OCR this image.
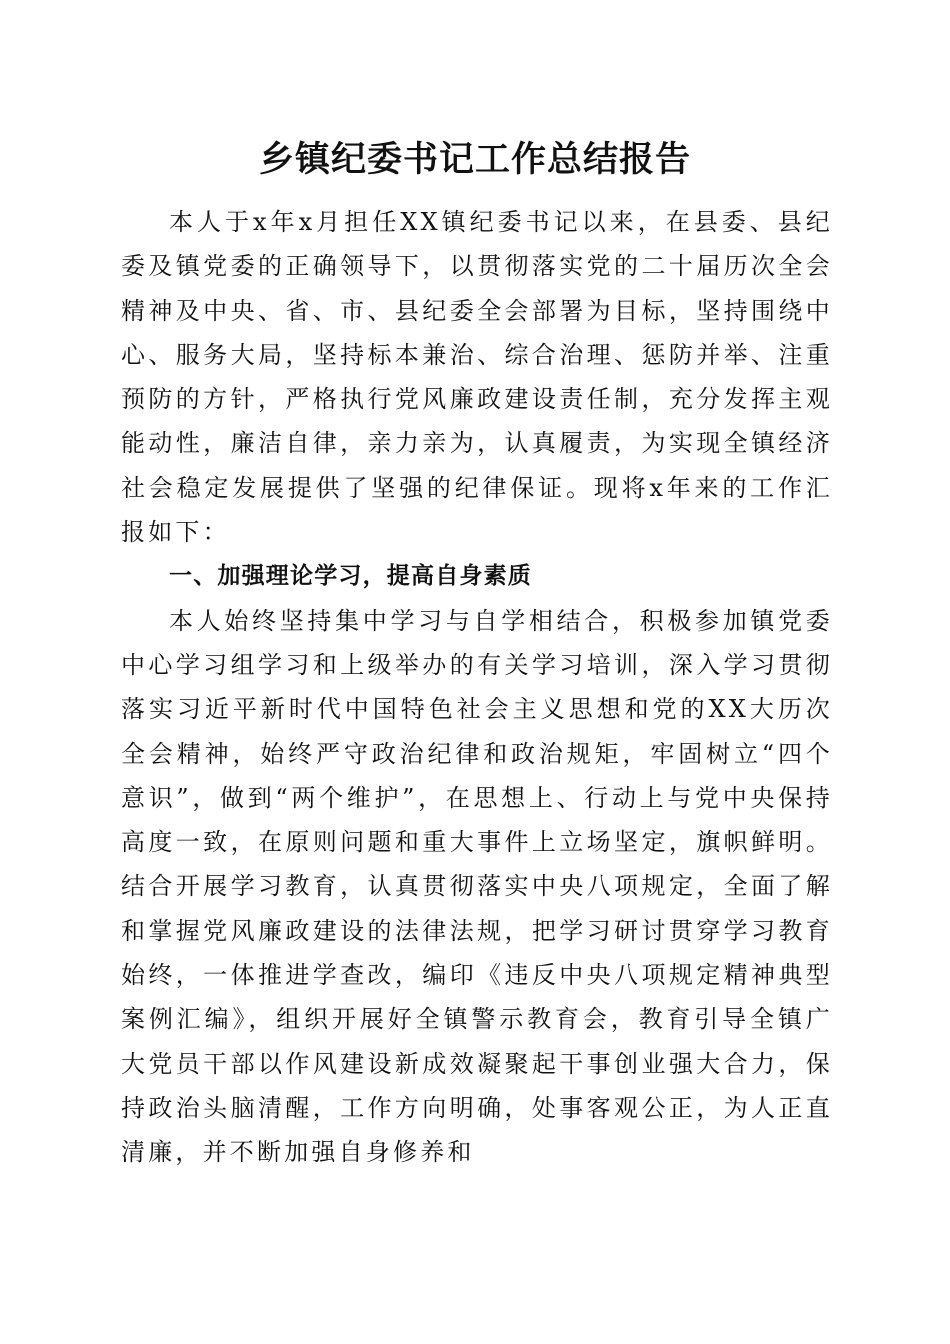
乡镇纪委书记工作总结报告

本人于x年x月担任XX镇纪委书记以来，在县委、县纪委及镇党委的正确领导下，以贯彻落实党的二十届历次全会精神及中央、省、市、县纪委全会部署为目标，坚持围绕中心、服务大局，坚持标本兼治、综合治理、惩防并举、注重预防的方针，严格执行党风廉政建设责任制，充分发挥主观能动性，廉洁自律，亲力亲为，认真履责，为实现全镇经济社会稳定发展提供了坚强的纪律保证。现将x年来的工作汇报如下：

一、加强理论学习，提高自身素质

本人始终坚持集中学习与自学相结合，积极参加镇党委中心学习组学习和上级举办的有关学习培训，深入学习贯彻落实习近平新时代中国特色社会主义思想和党的XX大历次全会精神，始终严守政治纪律和政治规矩，牢固树立“四个意识”，做到“两个维护”，在思想上、行动上与党中央保持高度一致，在原则问题和重大事件上立场坚定，旗帜鲜明。结合开展学习教育，认真贯彻落实中央八项规定，全面了解和掌握党风廉政建设的法律法规，把学习研讨贯穿学习教育始终，一体推进学查改，编印《违反中央八项规定精神典型案例汇编》，组织开展好全镇警示教育会，教育引导全镇广大党员干部以作风建设新成效凝聚起干事创业强大合力，保持政治头脑清醒，工作方向明确，处事客观公正，为人正直清廉，并不断加强自身修养和
